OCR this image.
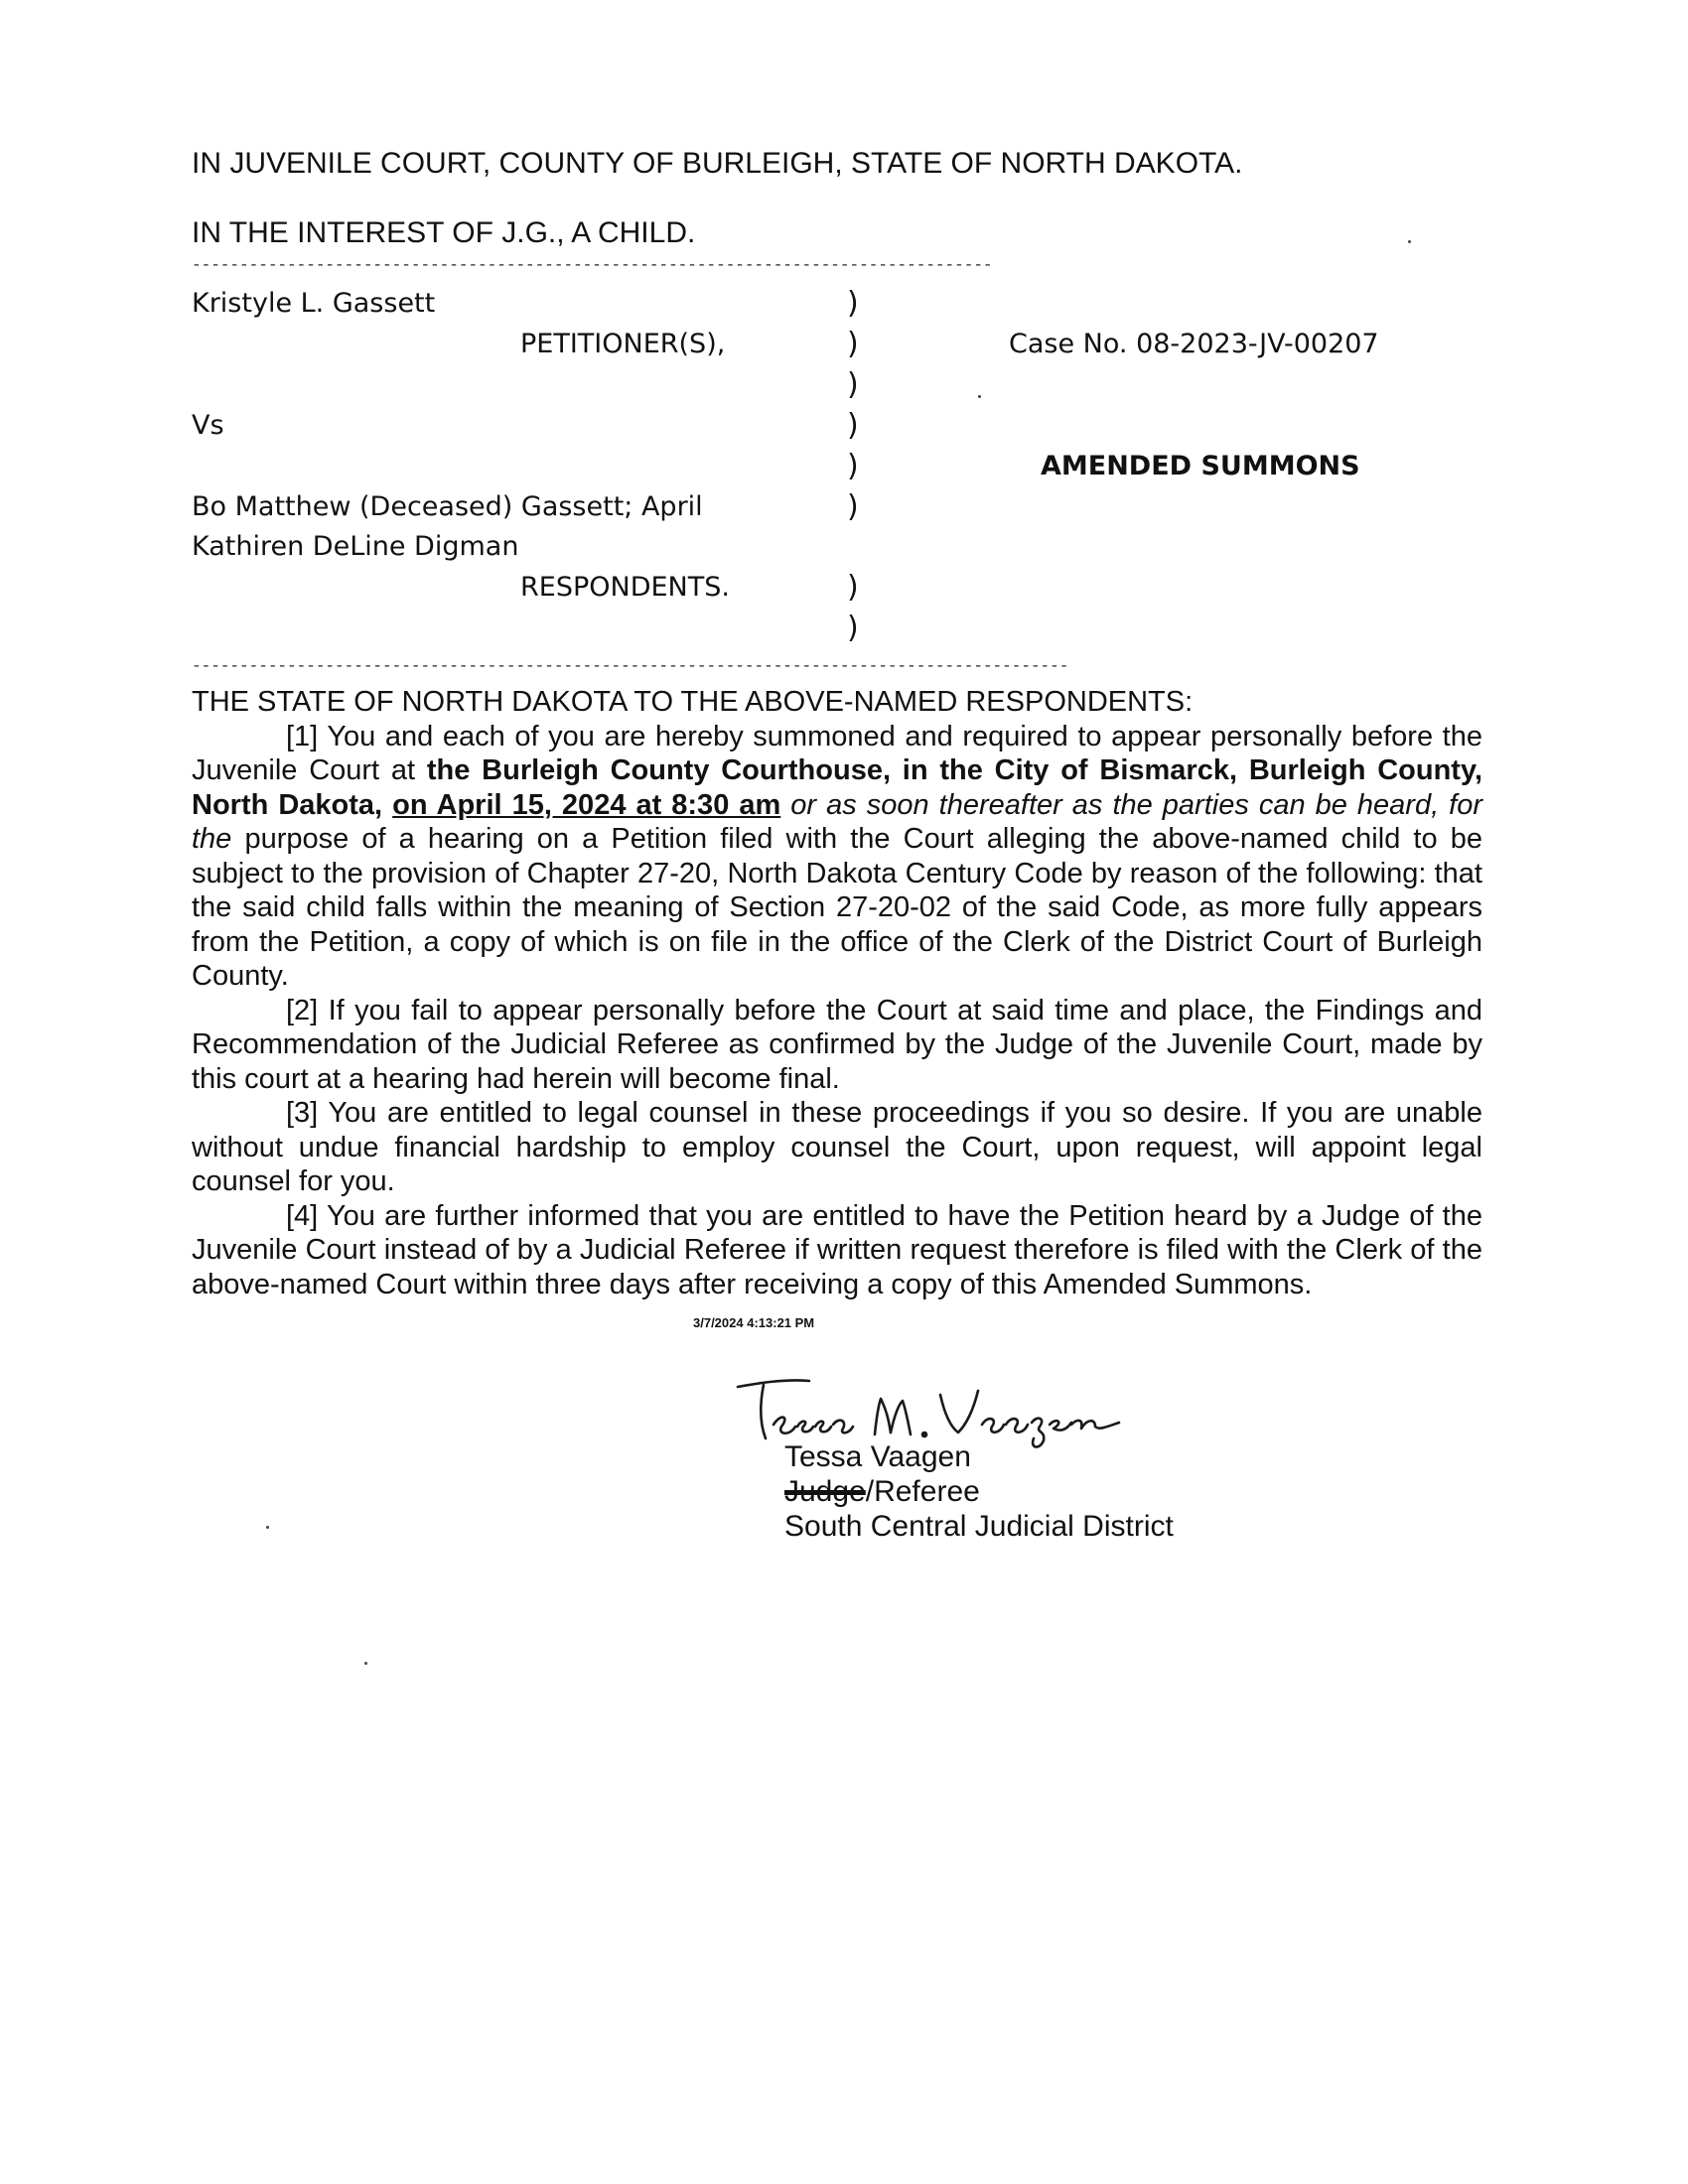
IN JUVENILE COURT, COUNTY OF BURLEIGH, STATE OF NORTH DAKOTA.
IN THE INTEREST OF J.G., A CHILD.
------------------------------------------------------------------------------------
Kristyle L. Gassett
PETITIONER(S),
Vs
Bo Matthew (Deceased) Gassett; April
Kathiren DeLine Digman
RESPONDENTS.
)
)
)
)
)
)
)
)
Case No. 08-2023-JV-00207
AMENDED SUMMONS
--------------------------------------------------------------------------------------------

THE STATE OF NORTH DAKOTA TO THE ABOVE-NAMED RESPONDENTS:

[1] You and each of you are hereby summoned and required to appear personally before the Juvenile Court at the Burleigh County Courthouse, in the City of Bismarck, Burleigh County, North Dakota, on April 15, 2024 at 8:30 am or as soon thereafter as the parties can be heard, for the purpose of a hearing on a Petition filed with the Court alleging the above-named child to be subject to the provision of Chapter 27-20, North Dakota Century Code by reason of the following: that the said child falls within the meaning of Section 27-20-02 of the said Code, as more fully appears from the Petition, a copy of which is on file in the office of the Clerk of the District Court of Burleigh County.

[2] If you fail to appear personally before the Court at said time and place, the Findings and Recommendation of the Judicial Referee as confirmed by the Judge of the Juvenile Court, made by this court at a hearing had herein will become final.

[3] You are entitled to legal counsel in these proceedings if you so desire. If you are unable without undue financial hardship to employ counsel the Court, upon request, will appoint legal counsel for you.

[4] You are further informed that you are entitled to have the Petition heard by a Judge of the Juvenile Court instead of by a Judicial Referee if written request therefore is filed with the Clerk of the above-named Court within three days after receiving a copy of this Amended Summons.

3/7/2024 4:13:21 PM
Tessa Vaagen
Judge/Referee
South Central Judicial District
